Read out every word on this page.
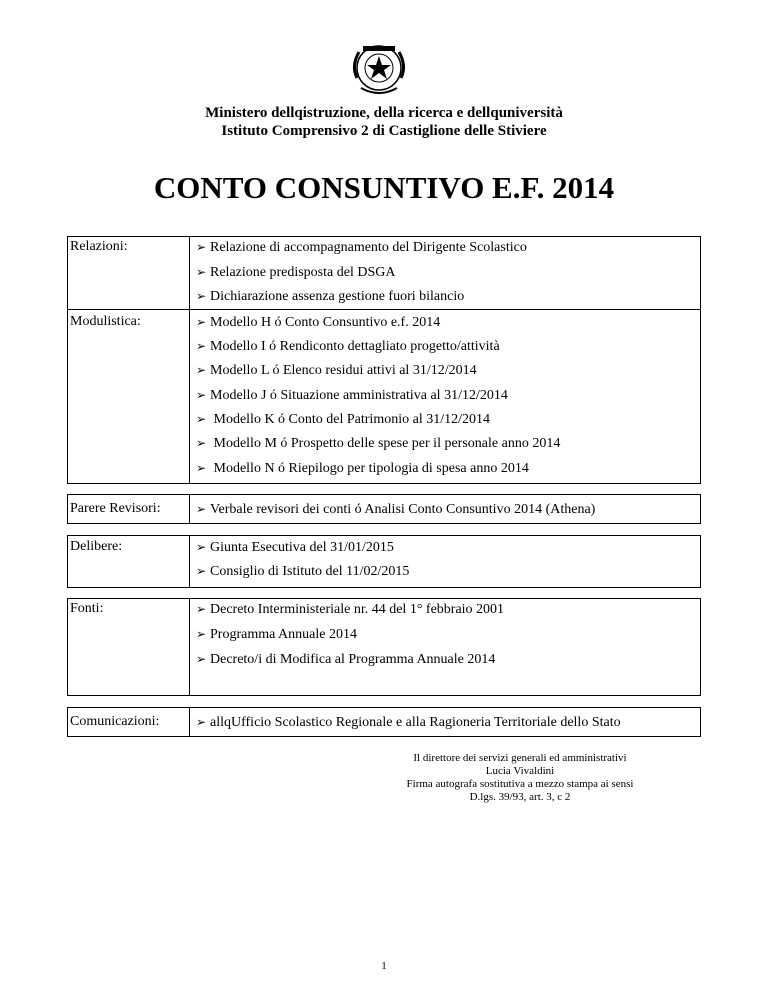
Ministero dellqistruzione, della ricerca e dellquniversità
Istituto Comprensivo 2 di Castiglione delle Stiviere
CONTO CONSUNTIVO E.F. 2014
Relazioni:	➢ Relazione di accompagnamento del Dirigente Scolastico
➢ Relazione predisposta del DSGA
➢ Dichiarazione assenza gestione fuori bilancio
Modulistica:	➢ Modello H ó Conto Consuntivo e.f. 2014
➢ Modello I ó Rendiconto dettagliato progetto/attività
➢ Modello L ó Elenco residui attivi al 31/12/2014
➢ Modello J ó Situazione amministrativa al 31/12/2014
➢ Modello K ó Conto del Patrimonio al 31/12/2014
➢ Modello M ó Prospetto delle spese per il personale anno 2014
➢ Modello N ó Riepilogo per tipologia di spesa anno 2014
Parere Revisori:	➢ Verbale revisori dei conti ó Analisi Conto Consuntivo 2014 (Athena)
Delibere:	➢ Giunta Esecutiva del 31/01/2015
➢ Consiglio di Istituto del 11/02/2015
Fonti:	➢ Decreto Interministeriale nr. 44 del 1° febbraio 2001
➢ Programma Annuale 2014
➢ Decreto/i di Modifica al Programma Annuale 2014
Comunicazioni:	➢ allqUfficio Scolastico Regionale e alla Ragioneria Territoriale dello Stato
Il direttore dei servizi generali ed amministrativi
Lucia Vivaldini
Firma autografa sostitutiva a mezzo stampa ai sensi
D.lgs. 39/93, art. 3, c 2
1
